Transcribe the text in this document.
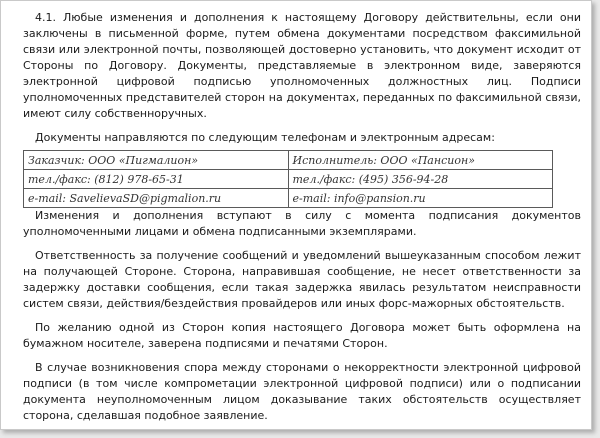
4.1. Любые изменения и дополнения к настоящему Договору действительны, если они заключены в письменной форме, путем обмена документами посредством факсимильной связи или электронной почты, позволяющей достоверно установить, что документ исходит от Стороны по Договору. Документы, представляемые в электронном виде, заверяются электронной цифровой подписью уполномоченных должностных лиц. Подписи уполномоченных представителей сторон на документах, переданных по факсимильной связи, имеют силу собственноручных.

Документы направляются по следующим телефонам и электронным адресам:

Заказчик: ООО «Пигмалион»	Исполнитель: ООО «Пансион»
тел./факс: (812) 978-65-31	тел./факс: (495) 356-94-28
e-mail: SavelievaSD@pigmalion.ru	e-mail: info@pansion.ru

Изменения и дополнения вступают в силу с момента подписания документов уполномоченными лицами и обмена подписанными экземплярами.

Ответственность за получение сообщений и уведомлений вышеуказанным способом лежит на получающей Стороне. Сторона, направившая сообщение, не несет ответственности за задержку доставки сообщения, если такая задержка явилась результатом неисправности систем связи, действия/бездействия провайдеров или иных форс-мажорных обстоятельств.

По желанию одной из Сторон копия настоящего Договора может быть оформлена на бумажном носителе, заверена подписями и печатями Сторон.

В случае возникновения спора между сторонами о некорректности электронной цифровой подписи (в том числе компрометации электронной цифровой подписи) или о подписании документа неуполномоченным лицом доказывание таких обстоятельств осуществляет сторона, сделавшая подобное заявление.
